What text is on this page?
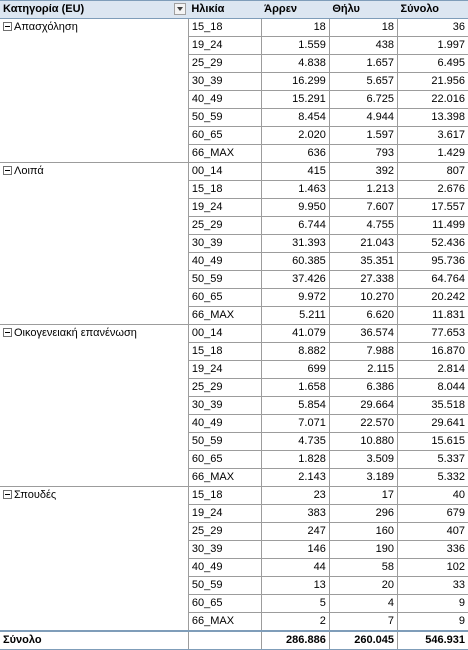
Κατηγορία (EU)	Ηλικία	Άρρεν	Θήλυ	Σύνολο
Απασχόληση	15_18	18	18	36
	19_24	1.559	438	1.997
	25_29	4.838	1.657	6.495
	30_39	16.299	5.657	21.956
	40_49	15.291	6.725	22.016
	50_59	8.454	4.944	13.398
	60_65	2.020	1.597	3.617
	66_MAX	636	793	1.429
Λοιπά	00_14	415	392	807
	15_18	1.463	1.213	2.676
	19_24	9.950	7.607	17.557
	25_29	6.744	4.755	11.499
	30_39	31.393	21.043	52.436
	40_49	60.385	35.351	95.736
	50_59	37.426	27.338	64.764
	60_65	9.972	10.270	20.242
	66_MAX	5.211	6.620	11.831
Οικογενειακή επανένωση	00_14	41.079	36.574	77.653
	15_18	8.882	7.988	16.870
	19_24	699	2.115	2.814
	25_29	1.658	6.386	8.044
	30_39	5.854	29.664	35.518
	40_49	7.071	22.570	29.641
	50_59	4.735	10.880	15.615
	60_65	1.828	3.509	5.337
	66_MAX	2.143	3.189	5.332
Σπουδές	15_18	23	17	40
	19_24	383	296	679
	25_29	247	160	407
	30_39	146	190	336
	40_49	44	58	102
	50_59	13	20	33
	60_65	5	4	9
	66_MAX	2	7	9
Σύνολο		286.886	260.045	546.931
